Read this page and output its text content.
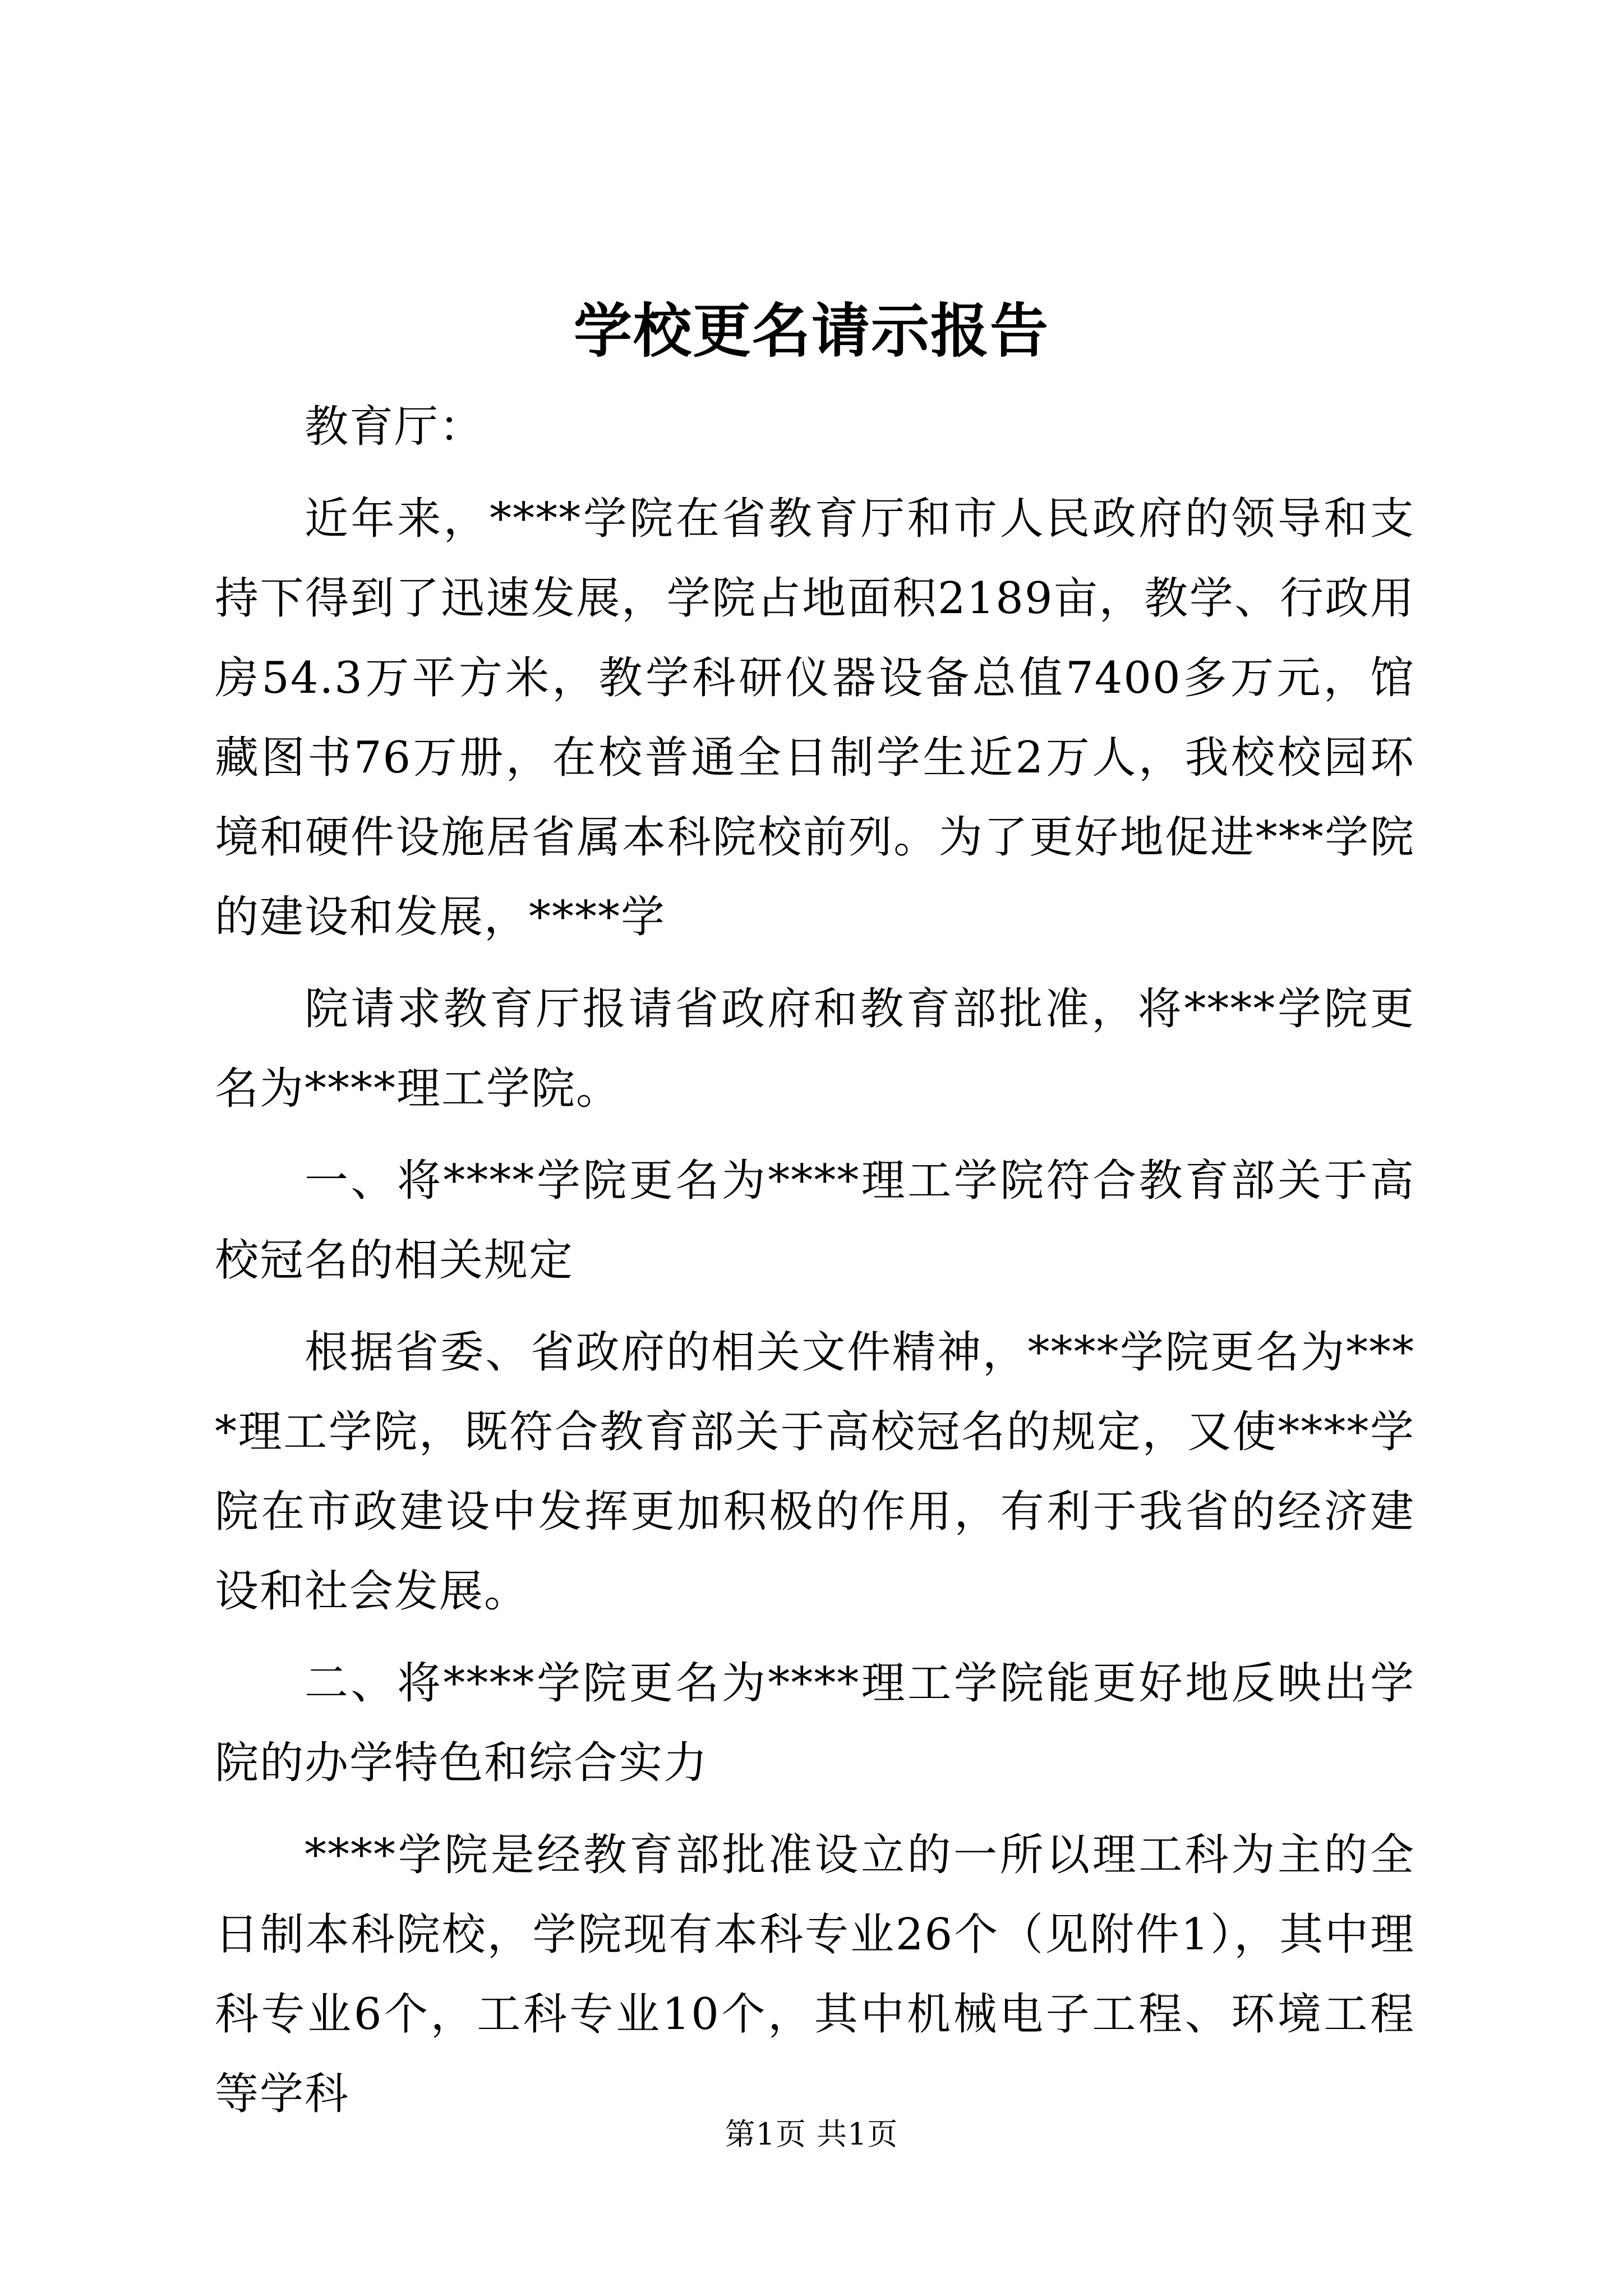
学校更名请示报告

教育厅：

近年来，****学院在省教育厅和市人民政府的领导和支持下得到了迅速发展，学院占地面积2189亩，教学、行政用房54.3万平方米，教学科研仪器设备总值7400多万元，馆藏图书76万册，在校普通全日制学生近2万人，我校校园环境和硬件设施居省属本科院校前列。为了更好地促进***学院的建设和发展，****学

院请求教育厅报请省政府和教育部批准，将****学院更名为****理工学院。

一、将****学院更名为****理工学院符合教育部关于高校冠名的相关规定

根据省委、省政府的相关文件精神，****学院更名为****理工学院，既符合教育部关于高校冠名的规定，又使****学院在市政建设中发挥更加积极的作用，有利于我省的经济建设和社会发展。

二、将****学院更名为****理工学院能更好地反映出学院的办学特色和综合实力

****学院是经教育部批准设立的一所以理工科为主的全日制本科院校，学院现有本科专业26个（见附件1），其中理科专业6个，工科专业10个，其中机械电子工程、环境工程等学科

第1页 共1页
